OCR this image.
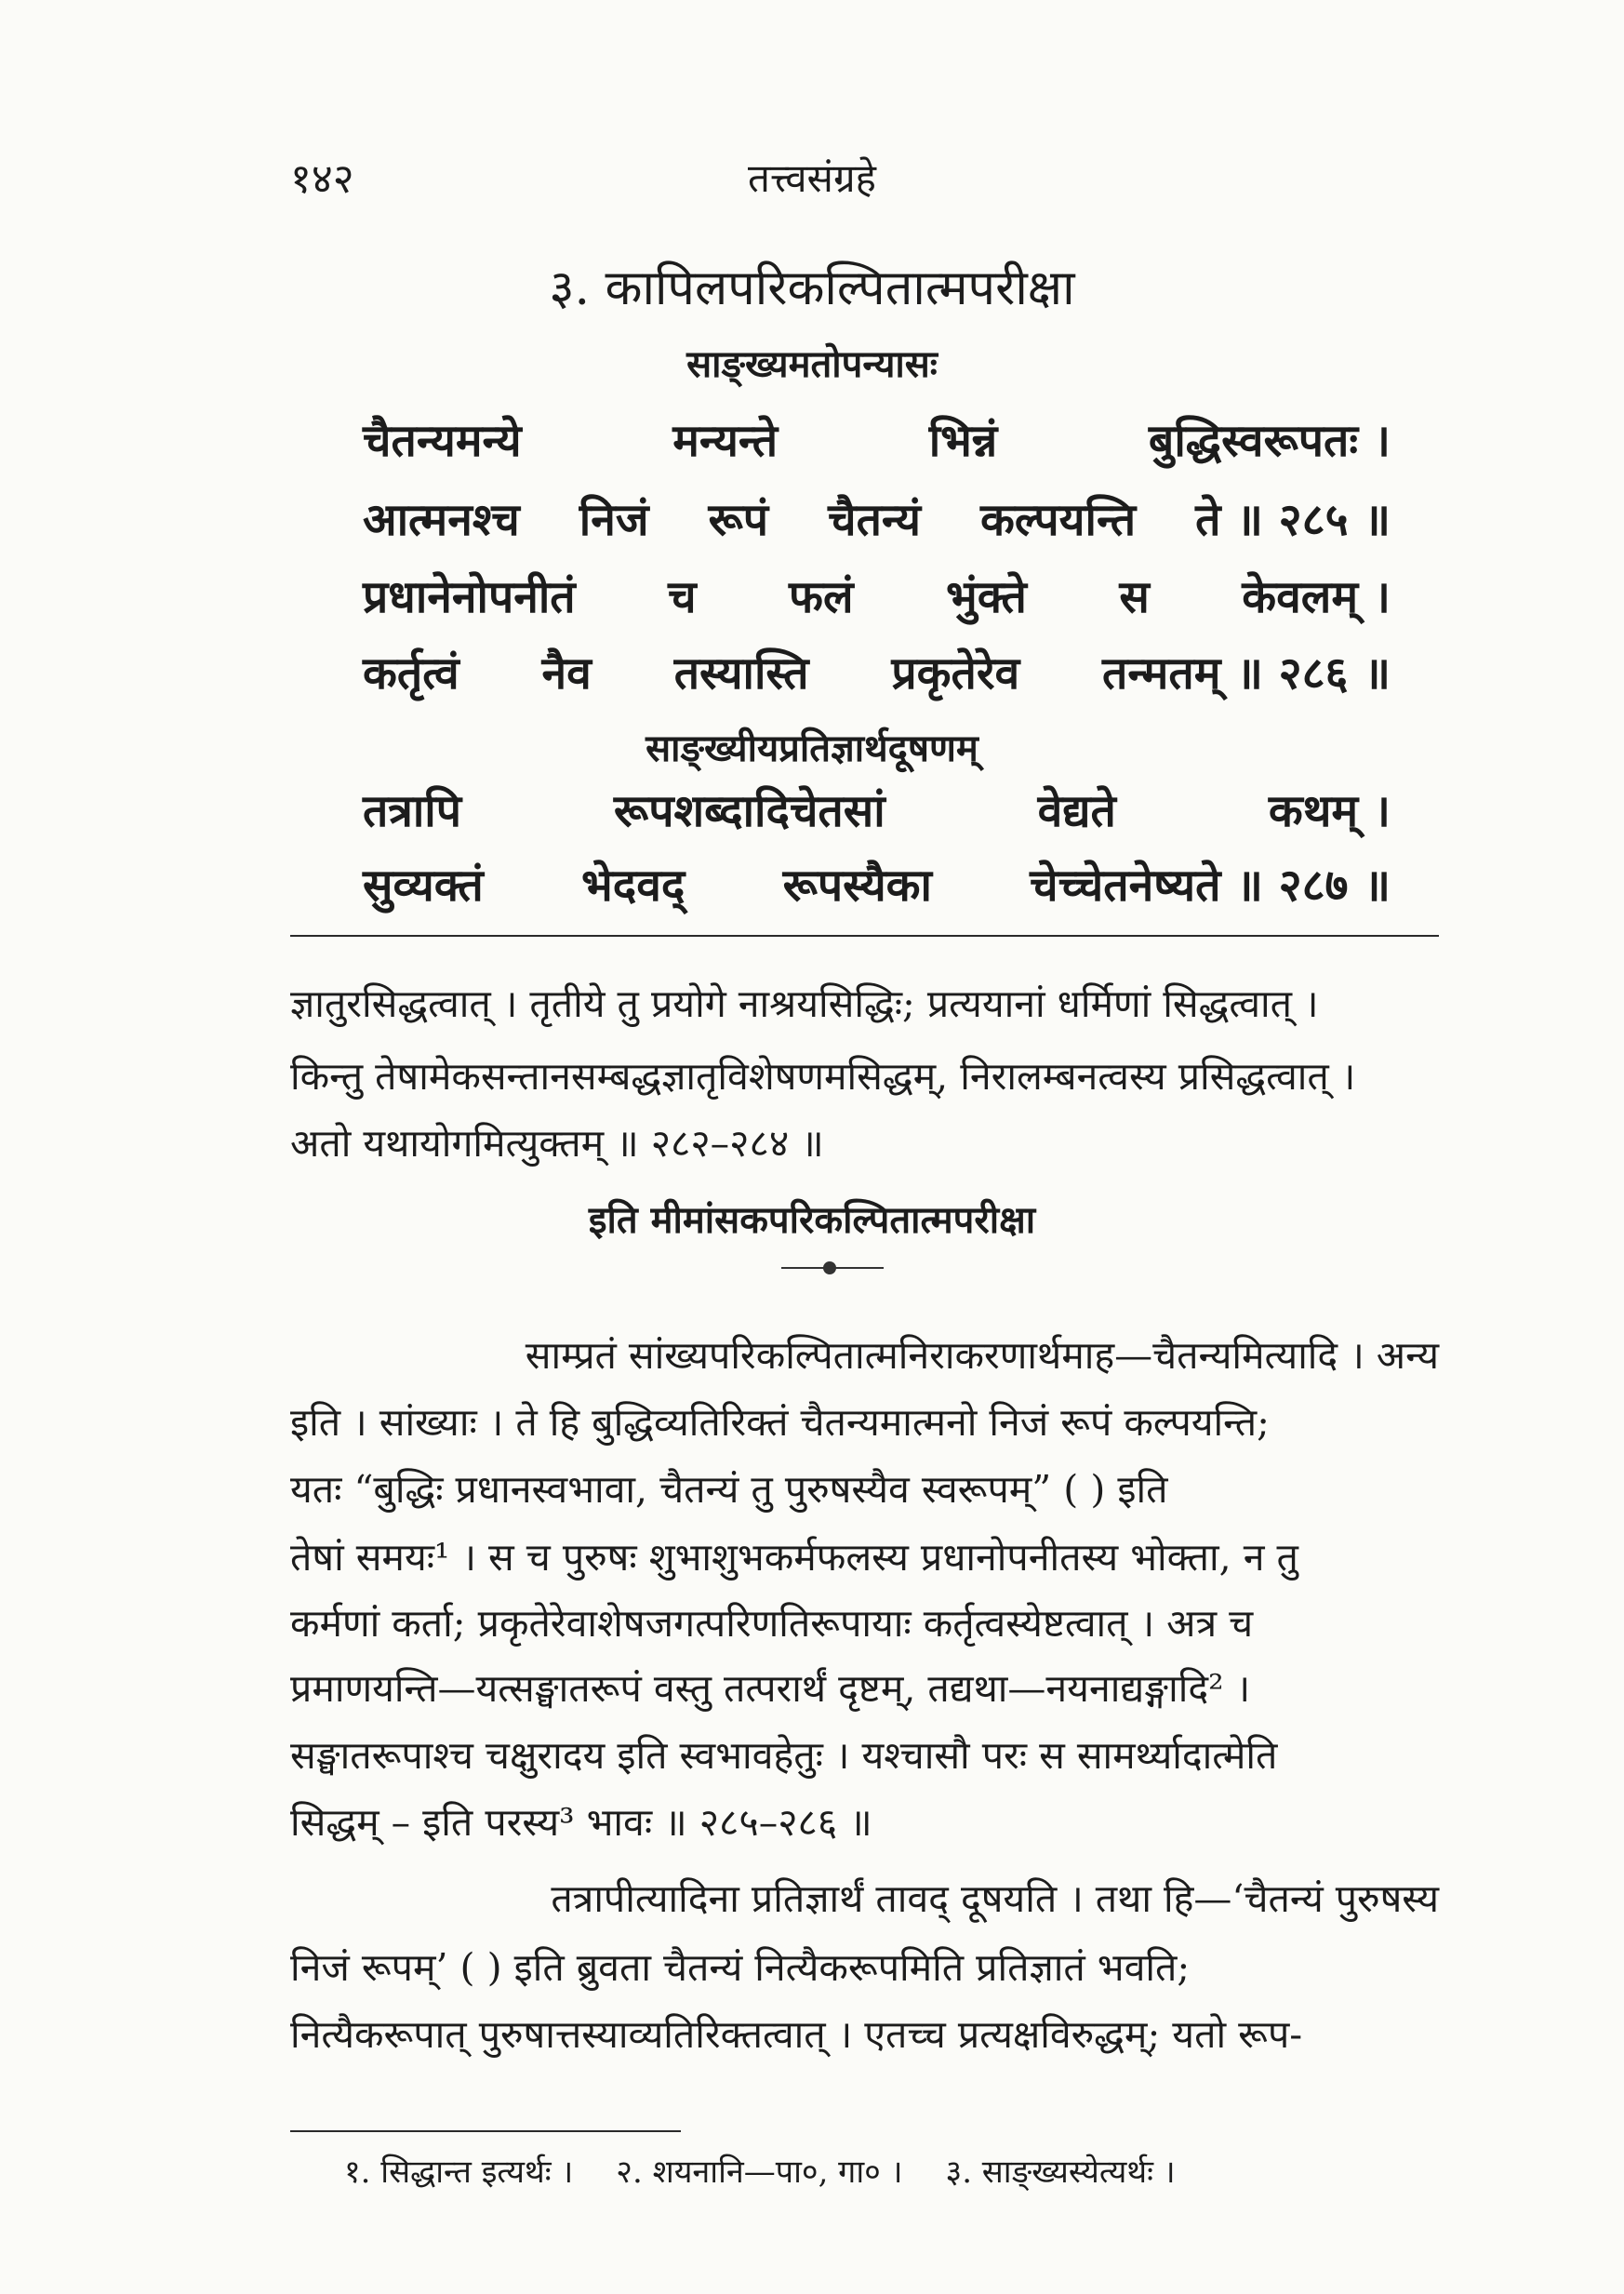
१४२	तत्त्वसंग्रहे
३. कापिलपरिकल्पितात्मपरीक्षा
साङ्ख्यमतोपन्यासः
चैतन्यमन्ये	मन्यन्ते	भिन्नं	बुद्धिस्वरूपतः ।
आत्मनश्च निजं रूपं चैतन्यं कल्पयन्ति ते ॥ २८५ ॥
प्रधानेनोपनीतं च फलं भुंक्ते स केवलम् ।
कर्तृत्वं नैव तस्यास्ति प्रकृतेरेव तन्मतम् ॥ २८६ ॥
साङ्ख्यीयप्रतिज्ञार्थदूषणम्
तत्रापि	रूपशब्दादिचेतसां	वेद्यते	कथम् ।
सुव्यक्तं भेदवद् रूपस्यैका चेच्चेतनेष्यते ॥ २८७ ॥
ज्ञातुरसिद्धत्वात् । तृतीये तु प्रयोगे नाश्रयसिद्धिः; प्रत्ययानां धर्मिणां सिद्धत्वात् ।
किन्तु तेषामेकसन्तानसम्बद्धज्ञातृविशेषणमसिद्धम्, निरालम्बनत्वस्य प्रसिद्धत्वात् ।
अतो यथायोगमित्युक्तम् ॥ २८२–२८४ ॥
इति मीमांसकपरिकल्पितात्मपरीक्षा
साम्प्रतं सांख्यपरिकल्पितात्मनिराकरणार्थमाह—चैतन्यमित्यादि । अन्य
इति । सांख्याः । ते हि बुद्धिव्यतिरिक्तं चैतन्यमात्मनो निजं रूपं कल्पयन्ति;
यतः “बुद्धिः प्रधानस्वभावा, चैतन्यं तु पुरुषस्यैव स्वरूपम्” ( ) इति
तेषां समयः¹ । स च पुरुषः शुभाशुभकर्मफलस्य प्रधानोपनीतस्य भोक्ता, न तु
कर्मणां कर्ता; प्रकृतेरेवाशेषजगत्परिणतिरूपायाः कर्तृत्वस्येष्टत्वात् । अत्र च
प्रमाणयन्ति—यत्सङ्घातरूपं वस्तु तत्परार्थं दृष्टम्, तद्यथा—नयनाद्यङ्गादि² ।
सङ्घातरूपाश्च चक्षुरादय इति स्वभावहेतुः । यश्चासौ परः स सामर्थ्यादात्मेति
सिद्धम् – इति परस्य³ भावः ॥ २८५–२८६ ॥
तत्रापीत्यादिना प्रतिज्ञार्थं तावद् दूषयति । तथा हि—‘चैतन्यं पुरुषस्य
निजं रूपम्’ ( ) इति ब्रुवता चैतन्यं नित्यैकरूपमिति प्रतिज्ञातं भवति;
नित्यैकरूपात् पुरुषात्तस्याव्यतिरिक्तत्वात् । एतच्च प्रत्यक्षविरुद्धम्; यतो रूप-
१. सिद्धान्त इत्यर्थः । २. शयनानि—पा०, गा० । ३. साङ्ख्यस्येत्यर्थः ।
